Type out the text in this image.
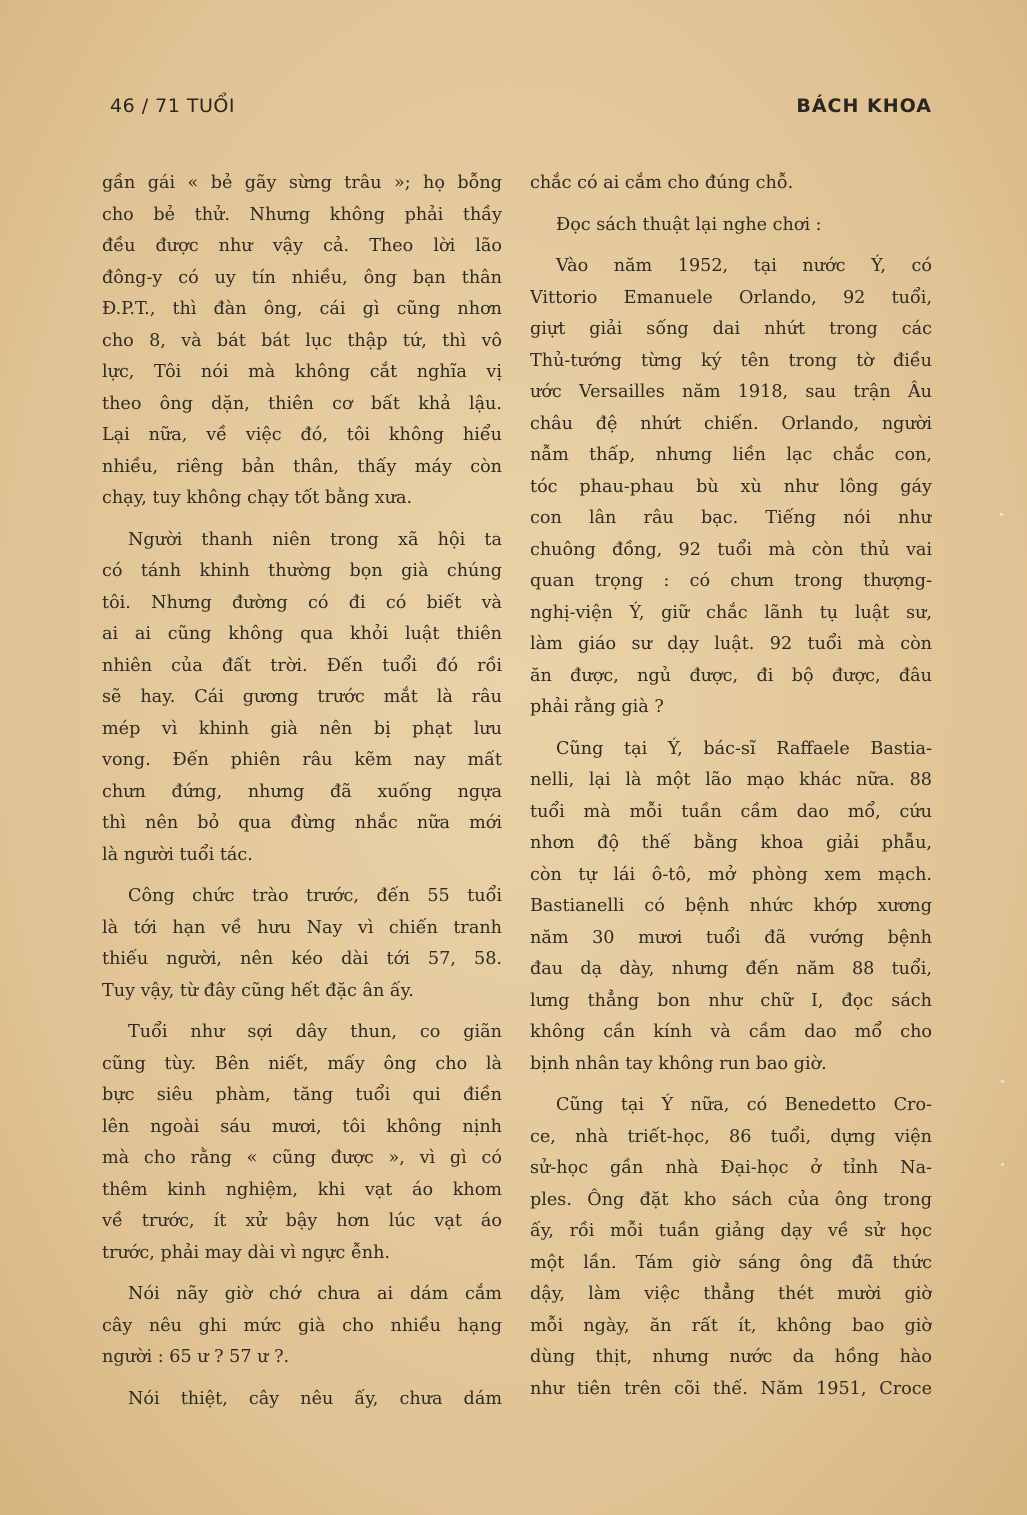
46 / 71 TUỔI	BÁCH KHOA
gần gái « bẻ gãy sừng trâu »; họ bỗng
cho bẻ thử. Nhưng không phải thầy
đều được như vậy cả. Theo lời lão
đông-y có uy tín nhiều, ông bạn thân
Đ.P.T., thì đàn ông, cái gì cũng nhơn
cho 8, và bát bát lục thập tứ, thì vô
lực, Tôi nói mà không cắt nghĩa vị
theo ông dặn, thiên cơ bất khả lậu.
Lại nữa, về việc đó, tôi không hiểu
nhiều, riêng bản thân, thấy máy còn
chạy, tuy không chạy tốt bằng xưa.
Người thanh niên trong xã hội ta
có tánh khinh thường bọn già chúng
tôi. Nhưng đường có đi có biết và
ai ai cũng không qua khỏi luật thiên
nhiên của đất trời. Đến tuổi đó rồi
sẽ hay. Cái gương trước mắt là râu
mép vì khinh già nên bị phạt lưu
vong. Đến phiên râu kẽm nay mất
chưn đứng, nhưng đã xuống ngựa
thì nên bỏ qua đừng nhắc nữa mới
là người tuổi tác.
Công chức trào trước, đến 55 tuổi
là tới hạn về hưu Nay vì chiến tranh
thiếu người, nên kéo dài tới 57, 58.
Tuy vậy, từ đây cũng hết đặc ân ấy.
Tuổi như sợi dây thun, co giãn
cũng tùy. Bên niết, mấy ông cho là
bực siêu phàm, tăng tuổi qui điền
lên ngoài sáu mươi, tôi không nịnh
mà cho rằng « cũng được », vì gì có
thêm kinh nghiệm, khi vạt áo khom
về trước, ít xử bậy hơn lúc vạt áo
trước, phải may dài vì ngực ễnh.
Nói nãy giờ chớ chưa ai dám cắm
cây nêu ghi mức già cho nhiều hạng
người : 65 ư ? 57 ư ?.
Nói thiệt, cây nêu ấy, chưa dám
chắc có ai cắm cho đúng chỗ.
Đọc sách thuật lại nghe chơi :
Vào năm 1952, tại nước Ý, có
Vittorio Emanuele Orlando, 92 tuổi,
giựt giải sống dai nhứt trong các
Thủ-tướng từng ký tên trong tờ điều
ước Versailles năm 1918, sau trận Âu
châu đệ nhứt chiến. Orlando, người
nẫm thấp, nhưng liền lạc chắc con,
tóc phau-phau bù xù như lông gáy
con lân râu bạc. Tiếng nói như
chuông đồng, 92 tuổi mà còn thủ vai
quan trọng : có chưn trong thượng-
nghị-viện Ý, giữ chắc lãnh tụ luật sư,
làm giáo sư dạy luật. 92 tuổi mà còn
ăn được, ngủ được, đi bộ được, đâu
phải rằng già ?
Cũng tại Ý, bác-sĩ Raffaele Bastia-
nelli, lại là một lão mạo khác nữa. 88
tuổi mà mỗi tuần cầm dao mổ, cứu
nhơn độ thế bằng khoa giải phẫu,
còn tự lái ô-tô, mở phòng xem mạch.
Bastianelli có bệnh nhức khớp xương
năm 30 mươi tuổi đã vướng bệnh
đau dạ dày, nhưng đến năm 88 tuổi,
lưng thẳng bon như chữ I, đọc sách
không cần kính và cầm dao mổ cho
bịnh nhân tay không run bao giờ.
Cũng tại Ý nữa, có Benedetto Cro-
ce, nhà triết-học, 86 tuổi, dựng viện
sử-học gần nhà Đại-học ở tỉnh Na-
ples. Ông đặt kho sách của ông trong
ấy, rồi mỗi tuần giảng dạy về sử học
một lần. Tám giờ sáng ông đã thức
dậy, làm việc thẳng thét mười giờ
mỗi ngày, ăn rất ít, không bao giờ
dùng thịt, nhưng nước da hồng hào
như tiên trên cõi thế. Năm 1951, Croce
